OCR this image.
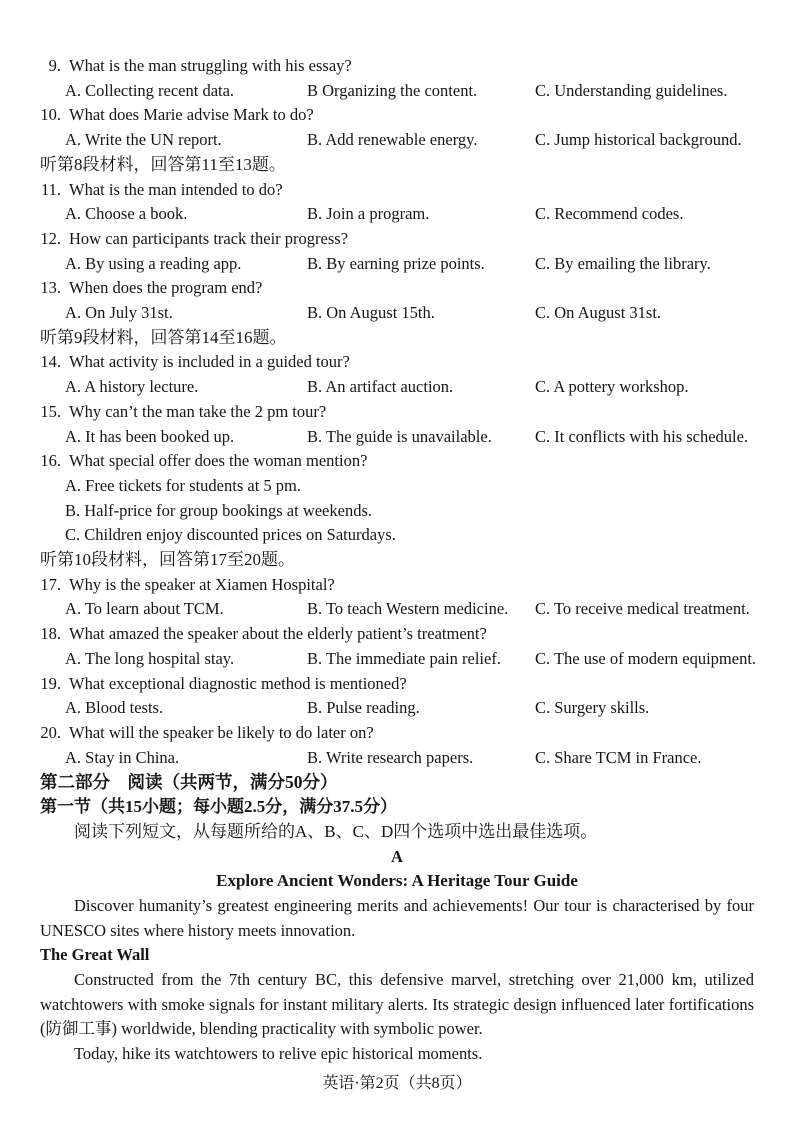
9. What is the man struggling with his essay?
A. Collecting recent data.	B Organizing the content.	C. Understanding guidelines.
10. What does Marie advise Mark to do?
A. Write the UN report.	B. Add renewable energy.	C. Jump historical background.
听第8段材料，回答第11至13题。
11. What is the man intended to do?
A. Choose a book.	B. Join a program.	C. Recommend codes.
12. How can participants track their progress?
A. By using a reading app.	B. By earning prize points.	C. By emailing the library.
13. When does the program end?
A. On July 31st.	B. On August 15th.	C. On August 31st.
听第9段材料，回答第14至16题。
14. What activity is included in a guided tour?
A. A history lecture.	B. An artifact auction.	C. A pottery workshop.
15. Why can’t the man take the 2 pm tour?
A. It has been booked up.	B. The guide is unavailable.	C. It conflicts with his schedule.
16. What special offer does the woman mention?
A. Free tickets for students at 5 pm.
B. Half-price for group bookings at weekends.
C. Children enjoy discounted prices on Saturdays.
听第10段材料，回答第17至20题。
17. Why is the speaker at Xiamen Hospital?
A. To learn about TCM.	B. To teach Western medicine.	C. To receive medical treatment.
18. What amazed the speaker about the elderly patient’s treatment?
A. The long hospital stay.	B. The immediate pain relief.	C. The use of modern equipment.
19. What exceptional diagnostic method is mentioned?
A. Blood tests.	B. Pulse reading.	C. Surgery skills.
20. What will the speaker be likely to do later on?
A. Stay in China.	B. Write research papers.	C. Share TCM in France.
第二部分　阅读（共两节，满分50分）
第一节（共15小题；每小题2.5分，满分37.5分）
阅读下列短文，从每题所给的A、B、C、D四个选项中选出最佳选项。
A
Explore Ancient Wonders: A Heritage Tour Guide

Discover humanity’s greatest engineering merits and achievements! Our tour is characterised by four UNESCO sites where history meets innovation.

The Great Wall

Constructed from the 7th century BC, this defensive marvel, stretching over 21,000 km, utilized watchtowers with smoke signals for instant military alerts. Its strategic design influenced later fortifications (防御工事) worldwide, blending practicality with symbolic power.

Today, hike its watchtowers to relive epic historical moments.

英语·第2页（共8页）
